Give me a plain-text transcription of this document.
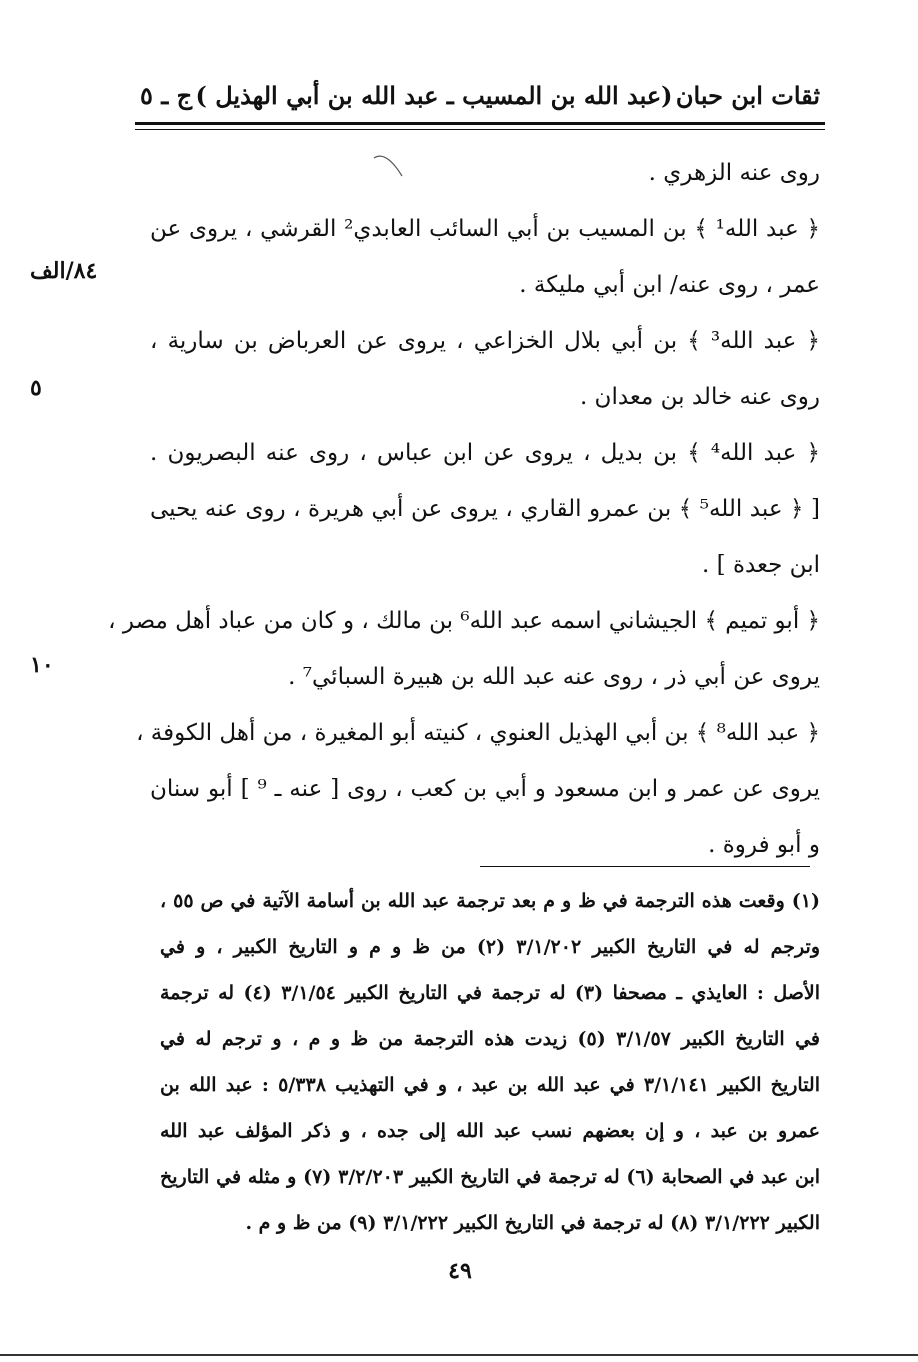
ثقات ابن حبان
(عبد الله بن المسيب ـ عبد الله بن أبي الهذيل )
ج ـ ٥
روى عنه الزهري .
﴿ عبد الله¹ ﴾ بن المسيب بن أبي السائب العابدي² القرشي ، يروى عن
عمر ، روى عنه/ ابن أبي مليكة .
﴿ عبد الله³ ﴾ بن أبي بلال الخزاعي ، يروى عن العرباض بن سارية ،
روى عنه خالد بن معدان .
﴿ عبد الله⁴ ﴾ بن بديل ، يروى عن ابن عباس ، روى عنه البصريون .
[ ﴿ عبد الله⁵ ﴾ بن عمرو القاري ، يروى عن أبي هريرة ، روى عنه يحيى
ابن جعدة ] .
﴿ أبو تميم ﴾ الجيشاني اسمه عبد الله⁶ بن مالك ، و كان من عباد أهل مصر ،
يروى عن أبي ذر ، روى عنه عبد الله بن هبيرة السبائي⁷ .
﴿ عبد الله⁸ ﴾ بن أبي الهذيل العنوي ، كنيته أبو المغيرة ، من أهل الكوفة ،
يروى عن عمر و ابن مسعود و أبي بن كعب ، روى [ عنه ـ ⁹ ] أبو سنان
و أبو فروة .
٨٤/الف
٥
١٠
(١) وقعت هذه الترجمة في ظ و م بعد ترجمة عبد الله بن أسامة الآتية في ص ٥٥ ،
وترجم له في التاريخ الكبير ٣/١/٢٠٢ (٢) من ظ و م و التاريخ الكبير ، و في
الأصل : العايذي ـ مصحفا (٣) له ترجمة في التاريخ الكبير ٣/١/٥٤ (٤) له ترجمة
في التاريخ الكبير ٣/١/٥٧ (٥) زيدت هذه الترجمة من ظ و م ، و ترجم له في
التاريخ الكبير ٣/١/١٤١ في عبد الله بن عبد ، و في التهذيب ٥/٣٣٨ : عبد الله بن
عمرو بن عبد ، و إن بعضهم نسب عبد الله إلى جده ، و ذكر المؤلف عبد الله
ابن عبد في الصحابة (٦) له ترجمة في التاريخ الكبير ٣/٢/٢٠٣ (٧) و مثله في التاريخ
الكبير ٣/١/٢٢٢ (٨) له ترجمة في التاريخ الكبير ٣/١/٢٢٢ (٩) من ظ و م .
٤٩
